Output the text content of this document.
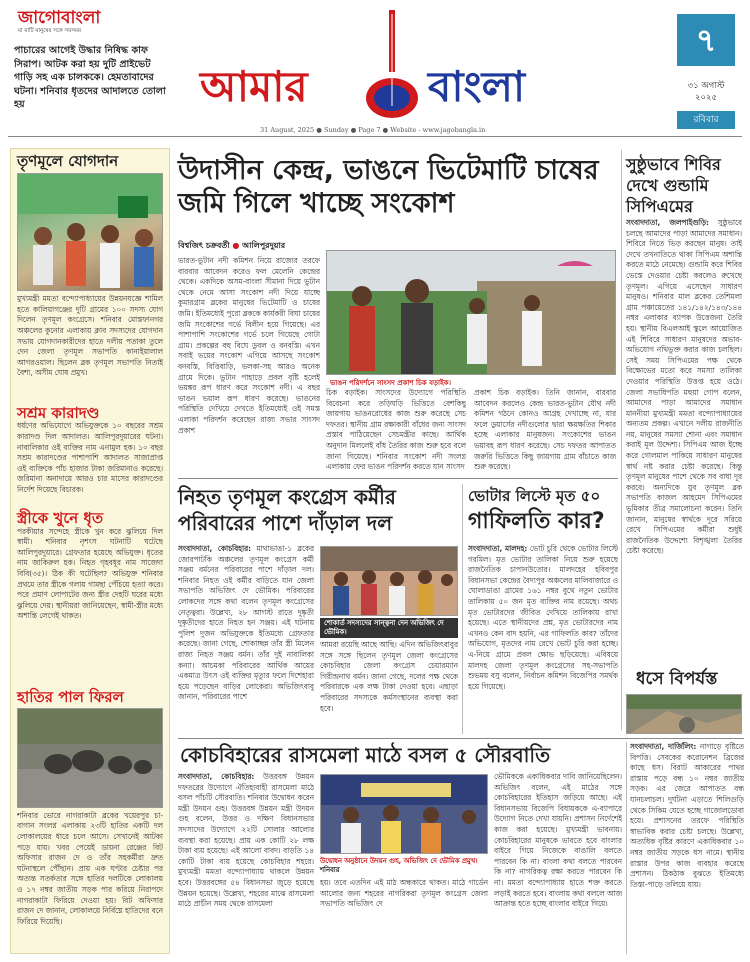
জাগোবাংলা
মা মাটি মানুষের সঙ্গে সবসময়
পাচারের আগেই উদ্ধার নিষিদ্ধ কাফ সিরাপ। আটক করা হয় দুটি প্রাইভেট গাড়ি সহ এক চালককে। হেমতাবাদের ঘটনা। শনিবার ধৃতদের আদালতে তোলা হয়	আমার	বাংলা
31 August, 2025 ● Sunday ● Page 7 ● Website - www.jagobangla.in
৭
৩১ অগাস্ট ২০২৫
রবিবার
তৃণমূলে যোগদান
মুখ্যমন্ত্রী মমতা বন্দ্যোপাধ্যায়ের উন্নয়নযজ্ঞে শামিল হতে কালিয়াগঞ্জের দুটি গ্রামের ১০০ সদস্য যোগ দিলেন তৃণমূল কংগ্রেসে। শনিবার মোস্তফানগর অঞ্চলের কুনোর এলাকায় ক্লাব সদস্যদের যোগদান সভায় যোগদানকারীদের হাতে দলীয় পতাকা তুলে দেন জেলা তৃণমূল সভাপতি কানাইয়ালাল আগরওয়াল। ছিলেন ব্লক তৃণমূল সভাপতি নিতাই বৈশ্য, অসীম ঘোষ প্রমুখ।
সশ্রম কারাদণ্ড
ধর্ষণের অভিযোগে অভিযুক্তকে ১০ বছরের সশ্রম কারাদণ্ড দিল আদালত। আলিপুরদুয়ারের ঘটনা। নাবালিকার ওই ব্যক্তির নাম এনামুল হক। ১০ বছর সশ্রম কারাদণ্ডের পাশাপাশি আদালত সাজাপ্রাপ্ত ওই ব্যক্তিকে পাঁচ হাজার টাকা জরিমানাও করেছে। জরিমানা অনাদায়ে আরও চার মাসের কারাদণ্ডের নির্দেশ দিয়েছে বিচারক।
স্ত্রীকে খুনে ধৃত
পরকীয়ার সন্দেহে স্ত্রীকে খুন করে ঝুলিয়ে দিল স্বামী। শনিবার নৃশংস ঘটনাটি ঘটেছে আলিপুরদুয়ারে। গ্রেফতার হয়েছে অভিযুক্ত। ধৃতের নাম জাকিরুল হক। নিহত গৃহবধূর নাম সাজেদা বিবি(৩৫)। ঠিক কী ঘটেছিল? অভিযুক্ত শনিবার প্রথমে তার স্ত্রীকে গলায় গামছা পেঁচিয়ে হত্যা করে। পরে প্রমাণ লোপাটের জন্য স্ত্রীর দেহটি ঘরের মধ্যে ঝুলিয়ে দেয়। স্থানীয়রা জানিয়েছেন, স্বামী-স্ত্রীর মধ্যে অশান্তি লেগেই থাকত।
হাতির পাল ফিরল
শনিবার ভোরে নাগরাকাটা ব্লকের খয়েরপুর চা-বাগান সংলগ্ন এলাকায় ২৩টি হাতির একটি দল লোকালয়ের ধারে চলে আসে। সেখানেই আটকা পড়ে যায়। খবর পেয়েই ডায়না রেঞ্জের বিট অফিসার রাজন দে ও তাঁর সহকর্মীরা দ্রুত ঘটনাস্থলে পৌঁছান। প্রায় এক ঘণ্টার চেষ্টার পর অত্যন্ত সতর্কতার সঙ্গে হাতির দলটিকে লোকালয় ও ১৭ নম্বর জাতীয় সড়ক পার করিয়ে নিরাপদে নাগরাকাটা ফিরিয়ে দেওয়া হয়। বিট অফিসার রাজন দে জানান, লোকালয়ে নির্বিঘ্নে হাতিদের বনে ফিরিয়ে দিয়েছি।
উদাসীন কেন্দ্র, ভাঙনে ভিটেমাটি চাষের জমি গিলে খাচ্ছে সংকোশ
বিশ্বজিৎ চক্রবর্তী ● আলিপুরদুয়ার
ভারত-ভুটান নদী কমিশন নিয়ে রাজ্যের তরফে বারবার আবেদন করেও ফল মেলেনি কেন্দ্রের থেকে। একদিকে অসম-বাংলা সীমানা দিয়ে ভুটান থেকে নেমে আসা সংকোশ নদী দিয়ে যাচ্ছে কুমারগ্রাম ব্লকের মানুষের ভিটেমাটি ও চাষের জমি। ইতিমধ্যেই পুরো ব্লককে কার্যকরী বিঘা চাষের জমি সংকোশের গর্ভে বিলীন হয়ে গিয়েছে। এর পাশাপাশি সংকোশের গর্ভে চলে গিয়েছে গোটা গ্রাম। প্রকল্পের বহু বিঘে ডুবল ও বনবস্তি। এখন সবাই ভয়ের সংকোশ এগিয়ে আসছে সংকোশ বনবস্তি, বিত্তিবাড়ি, ভলকা-সহ আরও অনেক গ্রামে দিকে। ভুটান পাহাড়ে প্রবল বৃষ্টি হলেই ভয়ঙ্কর রূপ ধারণ করে সংকোশ নদী। এ বছর ভাঙন ভয়াল রূপ ধারণ করেছে। ভাঙনের পরিস্থিতি দেখিয়ে দেখতে ইতিমধ্যেই ওই সমস্ত এলাকা পরিদর্শন করেছেন রাজ্য সভার সাংসদ প্রকাশ
ভাঙন পরিদর্শনে সাংসদ প্রকাশ চিক বড়াইক।
চিক বড়াইক। সাংসদের উদ্যোগে পরিস্থিতি বিবেচনা করে তড়িঘড়ি ভিত্তিতে বেশকিছু জায়গায় ভাঙনরোধের কাজ শুরু করেছে সেচ দফতর। স্থানীয় গ্রাম রক্ষাকারী বাঁধের জন্য সাংসদ প্রস্তাব পাঠিয়েছেন সেচমন্ত্রীর কাছে। আর্থিক অনুদান মিললেই বাঁধ তৈরির কাজ শুরু হবে বলে জানা গিয়েছে। শনিবার সংকোশ নদী সংলগ্ন এলাকায় ফের ভাঙন পরিদর্শন করতে যান সাংসদ
প্রকাশ চিক বড়াইক। তিনি জানান, বারবার আবেদন করলেও কেন্দ্র ভারত-ভুটান যৌথ নদী কমিশন গঠনে কোনও আগ্রহ দেখাচ্ছে না, যার ফলে ডুয়ার্সের নদীগুলোর দ্বারা ক্ষয়ক্ষতির শিকার হচ্ছে এলাকার মানুষজন। সংকোশের ভাঙন ভয়াবহ রূপ ধারণ করেছে। সেচ দফতর আপাতত জরুরি ভিত্তিতে কিছু জায়গায় গ্রাম বাঁচাতে কাজ শুরু করেছে।
নিহত তৃণমূল কংগ্রেস কর্মীর পরিবারের পাশে দাঁড়াল দল
সংবাদদাতা, কোচবিহার: মাথাভাঙা-১ ব্লকের জোরপাটকি অঞ্চলের তৃণমূল কংগ্রেস কর্মী সঞ্জয় বর্মনের পরিবারের পাশে দাঁড়াল দল। শনিবার নিহত ওই কর্মীর বাড়িতে যান জেলা সভাপতি অভিজিৎ দে ভৌমিক। পরিবারের লোকদের সঙ্গে কথা বলেন তৃণমূল কংগ্রেসের নেতৃত্বরা। উল্লেখ্য, ২৮ আগস্ট রাতে দুষ্কৃতী দুষ্কৃতীদের হাতে নিহত হন সঞ্জয়। এই ঘটনায় পুলিশ দুজন অভিযুক্তকে ইতিমধ্যে গ্রেফতার করেছে। জানা গেছে, শোকাচ্ছন্ন তাঁর স্ত্রী মিলেন রাজ্য নিহত সঞ্জয় বর্মন। তাঁর দুই নাবালিকা কন্যা। আচমকা পরিবারের আর্থিক আয়ের একমাত্র উৎস ওই ব্যক্তির মৃত্যুর ফলে দিশেহারা হয়ে পড়েছেন বাড়ির লোকেরা। অভিজিৎবাবু জানান, পরিবারের পাশে
শোকার্ত সদস্যদের সান্ত্বনা দেন অভিজিৎ দে ভৌমিক।
আমরা রয়েছি আছে আছি। এদিন অভিজিৎবাবুর সঙ্গে সঙ্গে ছিলেন তৃণমূল জেলা কংগ্রেসের কোচবিহার জেলা কংগ্রেস চেয়ারম্যান গিরীন্দ্রনাথ বর্মন। জানা গেছে, দলের পক্ষ থেকে পরিবারকে এক লক্ষ টাকা দেওয়া হবে। এছাড়া পরিবারের সদস্যকে কর্মসংস্থানের ব্যবস্থা করা হবে।
ভোটার লিস্টে মৃত ৫০
গাফিলতি কার?
সংবাদদাতা, মালদহ: ভোট চুরি থেকে ভোটার লিস্টে গরমিল। মৃত ভোটার তালিকা নিয়ে শুরু হয়েছে রাজনৈতিক চাপানউতোর। মালদহের হবিবপুর বিধানসভা কেন্দ্রের বৈদ্যপুর অঞ্চলের মালিবাজারে ও ঘোলাডাঙা গ্রামের ১৬১ নম্বর বুথে নতুন ভোটার তালিকায় ৫০ জন মৃত ব্যক্তির নাম রয়েছে। অথচ মৃত ভোটারদের জীবিত দেখিয়ে তালিকায় রাখা হয়েছে। এতে স্থানীয়দের প্রশ্ন, মৃত ভোটারদের নাম এখনও কেন বাদ হয়নি, এর গাফিলতি কার? তাঁদের অভিযোগ, মৃতদের নাম রেখে ভোট চুরি করা হচ্ছে। এ-নিয়ে গ্রামে প্রবল ক্ষোভ ছড়িয়েছে। এবিষয়ে মালদহ জেলা তৃণমূল কংগ্রেসের সহ-সভাপতি শুভময় বসু বলেন, নির্বাচন কমিশন বিজেপির সমর্থক হয়ে গিয়েছে।
সুষ্ঠুভাবে শিবির দেখে গুন্ডামি সিপিএমের
সংবাদদাতা, জলপাইগুড়ি: সুষ্ঠুভাবে চলছে আমাদের পাড়া আমাদের সমাধান। শিবিরে নিতে ভিড় করছেন মানুষ। তাই দেখে তখনাতিতে থাকা সিপিএম অশান্তি করতে মাঠে নেমেছে। গুন্ডামি করে শিবির ভেস্তে দেওয়ার চেষ্টা করলেও রুখেছে তৃণমূল। এগিয়ে এসেছেন সাধারণ মানুষও। শনিবার মাল ব্লকের তেশিমলা গ্রাম পঞ্চায়েতের ১৪১/১৪২/১৪৩/১৪৪ নম্বর এলাকার ব্যাপক উত্তেজনা তৈরি হয়। স্থানীয় বিএলআই স্কুলে আয়োজিত এই শিবিরে সাধারণ মানুষদের অভাব-অভিযোগ নথিভুক্ত করার কাজ চলছিল। সেই সময় সিপিএমের পক্ষ থেকে বিক্ষোভের মতো করে সমস্যা তালিকা দেওয়ার পরিস্থিতি উত্তপ্ত হয়ে ওঠে। জেলা সভাধিপতি মহুয়া গোপ বলেন, আমাদের পাড়া আমাদের সমাধান মাননীয়া মুখ্যমন্ত্রী মমতা বন্দ্যোপাধ্যায়ের অন্যতম প্রকল্প। এখানে দলীয় রাজনীতি নয়, মানুষের সমস্যা শোনা এবং সমাধান করাই মূল উদ্দেশ্য। সিপিএম আজ ইচ্ছে করে গোলমাল পাকিয়ে সাধারণ মানুষের স্বার্থ নষ্ট করার চেষ্টা করেছে। কিন্তু তৃণমূল মানুষের পাশে থেকে সব বাধা দূর করবে। অন্যদিকে যুব তৃণমূল ব্লক সভাপতি কাজল আহমেদ সিপিএমের ভূমিকার তীব্র সমালোচনা করেন। তিনি জানান, মানুষের স্বার্থকে দূরে সরিয়ে রেখে সিপিএমের কর্মীরা শুধুই রাজনৈতিক উদ্দেশ্যে বিশৃঙ্খলা তৈরির চেষ্টা করেছে।
ধসে বিপর্যস্ত
কোচবিহারের রাসমেলা মাঠে বসল ৫ সৌরবাতি
সংবাদদাতা, কোচবিহার: উত্তরবঙ্গ উন্নয়ন দফতরের উদ্যোগে ঐতিহ্যবাহী রাসমেলা মাঠে বসল পাঁচটি সৌরবাতি। শনিবার উদ্বোধন করেন মন্ত্রী উদয়ন গুহ। উত্তরবঙ্গ উন্নয়ন মন্ত্রী উদয়ন গুহ বলেন, উত্তর ও দক্ষিণ বিধানসভার সদস্যদের উদ্যোগে ২২টি সোলার আলোর ব্যবস্থা করা হয়েছে। প্রায় এক কোটি ২৮ লক্ষ টাকা ব্যয় হয়েছে। এই আলো বাবদ। বাড়তি ১৪ কোটি টাকা ব্যয় হয়েছে কোচবিহার শহরে। মুখ্যমন্ত্রী মমতা বন্দ্যোপাধ্যায় থাকলে উন্নয়ন হবে। উত্তরবঙ্গের ৫৪ বিধানসভা জুড়ে হয়েছে উন্নয়ন হয়েছে। উল্লেখ্য, শহরের মাঝে রাসমেলা মাঠে প্রাচীন সময় থেকে রাসমেলা
উদ্বোধন অনুষ্ঠানে উদয়ন গুহ, অভিজিৎ দে ভৌমিক প্রমুখ। শনিবার
হয়। তবে এতদিন এই মাঠ অন্ধকারে থাকত। মাঠে গার্ডেন আলোর জন্য শহরের নাগরিকরা তৃণমূল কংগ্রেস জেলা সভাপতি অভিজিৎ দে
ভৌমিককে একাধিকবার দাবি জানিয়েছিলেন। অভিজিৎ বলেন, এই মাঠের সঙ্গে কোচবিহারের ইতিহাস জড়িয়ে আছে। এই বিধানসভায় বিজেপি বিধায়ককে এ-ব্যাপারে উদ্যোগ নিতে দেখা যায়নি। প্রশাসন নির্দেশেই কাজ করা হয়েছে। মুখ্যমন্ত্রী ভাবনায়। কোচবিহারের মানুষকে ভাবতে হবে বাংলার বাইরে গিয়ে নিজেকে বাঙালি বলতে পারবেন কি না। বাংলা কথা বলতে পারবেন কি না? নাগরিকত্ব রক্ষা করতে পারবেন কি না। মমতা বন্দ্যোপাধ্যায় হাতে শক্ত করতে লড়াই করতে হবে। বাংলায় কথা বললে আজ আক্রান্ত হতে হচ্ছে বাংলার বাইরে গিয়ে।
সংবাদদাতা, দার্জিলিং: নাগাড়ে বৃষ্টিতে বিপত্তি। সেবকের করোনেশন ব্রিজের কাছে ধস। বিরাট আকারের পাথর রাস্তায় পড়ে বন্ধ ১০ নম্বর জাতীয় সড়ক। এর জেরে আপাতত বন্ধ যানচলাচল। দুর্ঘটনা এড়াতে শিলিগুড়ি থেকে সিকিম যেতে হচ্ছে গাজোলডোবা হয়ে। প্রশাসনের তরফে পরিস্থিতি স্বাভাবিক করার চেষ্টা চলছে। উল্লেখ্য, অত্যধিক বৃষ্টির কারণে একাধিকবার ১০ নম্বর জাতীয় সড়কে ধস নামে। স্থানীয় রাস্তার উপর কাজ ব্যবহার করেছে প্রশাসন। ঠিকঠাক বুঝতে ইতিমধ্যে তিস্তা-পাড়ে তলিয়ে যায়।
